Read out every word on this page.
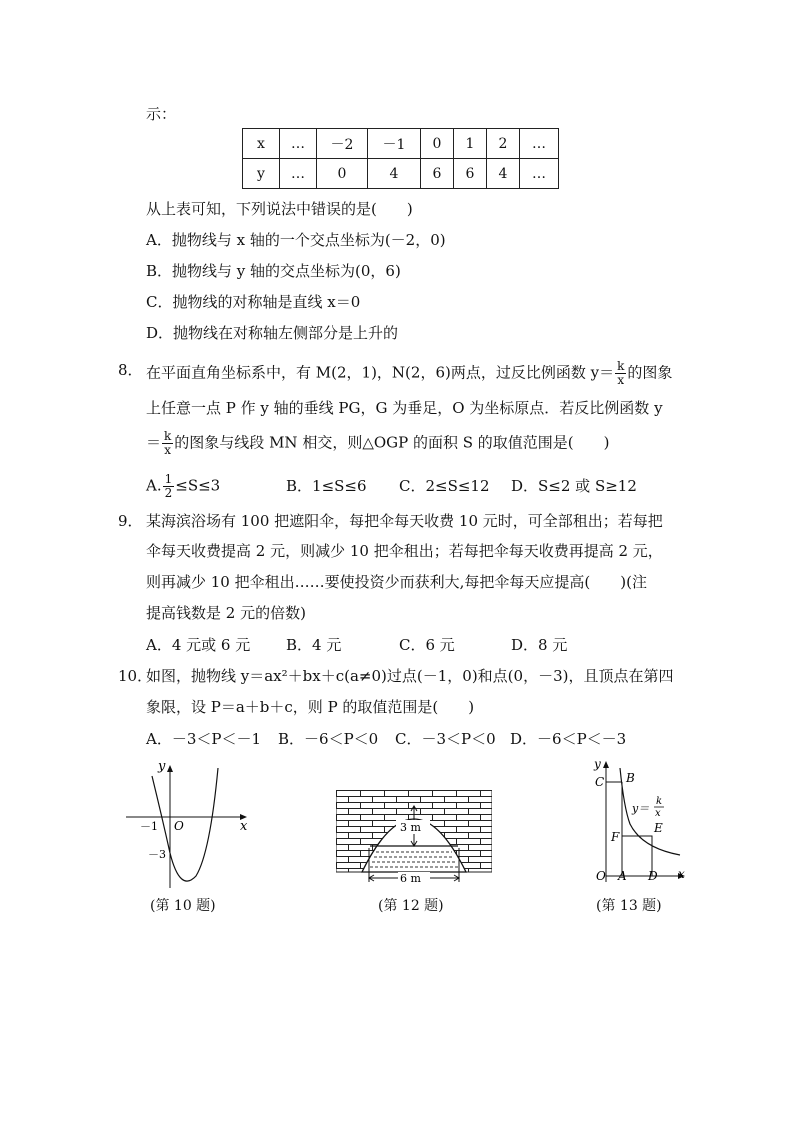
示：
x	…	－2	－1	0	1	2	…
y	…	0	4	6	6	4	…
从上表可知，下列说法中错误的是(　　)
A．抛物线与 x 轴的一个交点坐标为(－2，0)
B．抛物线与 y 轴的交点坐标为(0，6)
C．抛物线的对称轴是直线 x＝0
D．抛物线在对称轴左侧部分是上升的
8． 在平面直角坐标系中，有 M(2，1)，N(2，6)两点，过反比例函数 $y= \frac{k}{x}$ 的图象
上任意一点 P 作 y 轴的垂线 PG，G 为垂足，O 为坐标原点．若反比例函数 y
＝ $\frac{k}{x}$ 的图象与线段 MN 相交，则△OGP 的面积 S 的取值范围是(　　)
A. $\frac{1}{2} \le S\le 3$	B．1≤S≤6 C．2≤S≤12 D．S≤2 或 S≥12
9． 某海滨浴场有 100 把遮阳伞，每把伞每天收费 10 元时，可全部租出；若每把
伞每天收费提高 2 元，则减少 10 把伞租出；若每把伞每天收费再提高 2 元，
则再减少 10 把伞租出……要使投资少而获利大,每把伞每天应提高(　　)(注
提高钱数是 2 元的倍数)
A．4 元或 6 元 B．4 元	C．6 元	D．8 元
10．
如图，抛物线 y＝ax²＋bx＋c(a≠0)过点(－1，0)和点(0，－3)，且顶点在第四
象限，设 P＝a＋b＋c，则 P 的取值范围是(　　)
A．－3＜P＜－1 B．－6＜P＜0 C．－3＜P＜0 D．－6＜P＜－3
y
x
O
－1
－3
(第 10 题)
3 m
6 m
(第 12 题)
y
x
O
C B
F
E
A D
y＝
k
x
(第 13 题)
